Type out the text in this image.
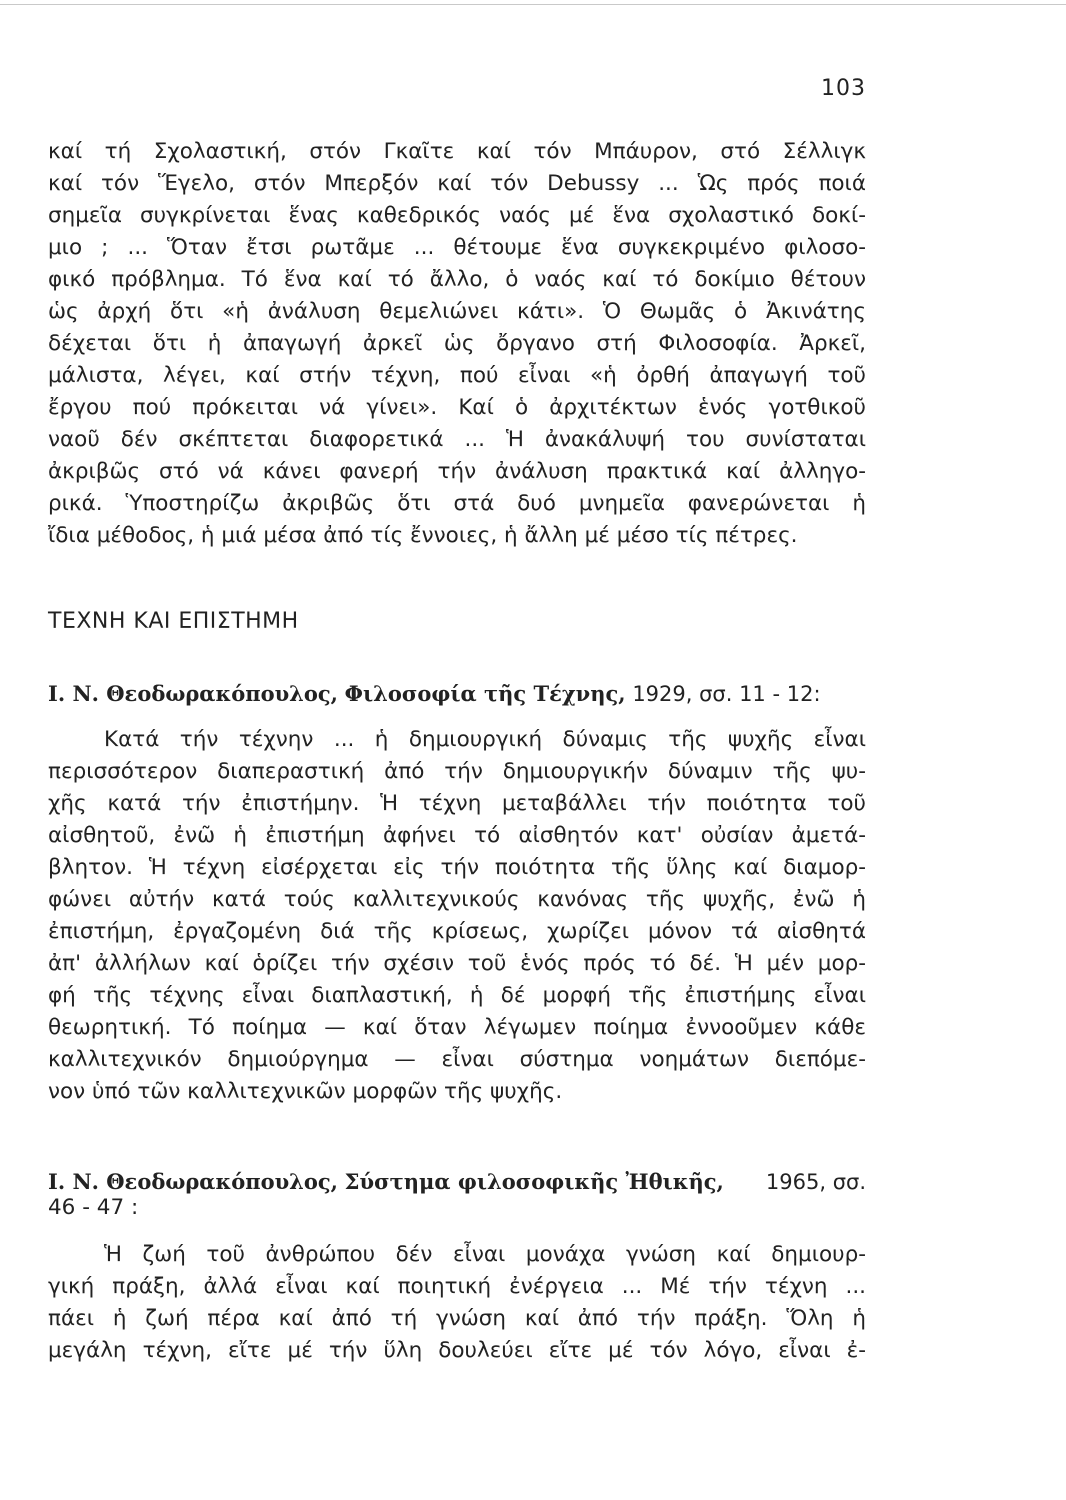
103
καί τή Σχολαστική, στόν Γκαῖτε καί τόν Μπάυρον, στό Σέλλιγκ
καί τόν Ἕγελο, στόν Μπερξόν καί τόν Debussy ... Ὡς πρός ποιά
σημεῖα συγκρίνεται ἕνας καθεδρικός ναός μέ ἕνα σχολαστικό δοκί-
μιο ; ... Ὅταν ἔτσι ρωτᾶμε ... θέτουμε ἕνα συγκεκριμένο φιλοσο-
φικό πρόβλημα. Τό ἕνα καί τό ἄλλο, ὁ ναός καί τό δοκίμιο θέτουν
ὡς ἀρχή ὅτι «ἡ ἀνάλυση θεμελιώνει κάτι». Ὁ Θωμᾶς ὁ Ἀκινάτης
δέχεται ὅτι ἡ ἀπαγωγή ἀρκεῖ ὡς ὄργανο στή Φιλοσοφία. Ἀρκεῖ,
μάλιστα, λέγει, καί στήν τέχνη, πού εἶναι «ἡ ὀρθή ἀπαγωγή τοῦ
ἔργου πού πρόκειται νά γίνει». Καί ὁ ἀρχιτέκτων ἑνός γοτθικοῦ
ναοῦ δέν σκέπτεται διαφορετικά ... Ἡ ἀνακάλυψή του συνίσταται
ἀκριβῶς στό νά κάνει φανερή τήν ἀνάλυση πρακτικά καί ἀλληγο-
ρικά. Ὑποστηρίζω ἀκριβῶς ὅτι στά δυό μνημεῖα φανερώνεται ἡ
ἴδια μέθοδος, ἡ μιά μέσα ἀπό τίς ἔννοιες, ἡ ἄλλη μέ μέσο τίς πέτρες.
ΤΕΧΝΗ ΚΑΙ ΕΠΙΣΤΗΜΗ
Ι. Ν. Θεοδωρακόπουλος, Φιλοσοφία τῆς Τέχνης, 1929, σσ. 11 - 12:
Κατά τήν τέχνην ... ἡ δημιουργική δύναμις τῆς ψυχῆς εἶναι
περισσότερον διαπεραστική ἀπό τήν δημιουργικήν δύναμιν τῆς ψυ-
χῆς κατά τήν ἐπιστήμην. Ἡ τέχνη μεταβάλλει τήν ποιότητα τοῦ
αἰσθητοῦ, ἐνῶ ἡ ἐπιστήμη ἀφήνει τό αἰσθητόν κατ' οὐσίαν ἀμετά-
βλητον. Ἡ τέχνη εἰσέρχεται εἰς τήν ποιότητα τῆς ὕλης καί διαμορ-
φώνει αὐτήν κατά τούς καλλιτεχνικούς κανόνας τῆς ψυχῆς, ἐνῶ ἡ
ἐπιστήμη, ἐργαζομένη διά τῆς κρίσεως, χωρίζει μόνον τά αἰσθητά
ἀπ' ἀλλήλων καί ὁρίζει τήν σχέσιν τοῦ ἑνός πρός τό δέ. Ἡ μέν μορ-
φή τῆς τέχνης εἶναι διαπλαστική, ἡ δέ μορφή τῆς ἐπιστήμης εἶναι
θεωρητική. Τό ποίημα — καί ὅταν λέγωμεν ποίημα ἐννοοῦμεν κάθε
καλλιτεχνικόν δημιούργημα — εἶναι σύστημα νοημάτων διεπόμε-
νον ὑπό τῶν καλλιτεχνικῶν μορφῶν τῆς ψυχῆς.
Ι. Ν. Θεοδωρακόπουλος, Σύστημα φιλοσοφικῆς Ἠθικῆς, 1965, σσ.
46 - 47 :
Ἡ ζωή τοῦ ἀνθρώπου δέν εἶναι μονάχα γνώση καί δημιουρ-
γική πράξη, ἀλλά εἶναι καί ποιητική ἐνέργεια ... Μέ τήν τέχνη ...
πάει ἡ ζωή πέρα καί ἀπό τή γνώση καί ἀπό τήν πράξη. Ὅλη ἡ
μεγάλη τέχνη, εἴτε μέ τήν ὕλη δουλεύει εἴτε μέ τόν λόγο, εἶναι ἐ-
